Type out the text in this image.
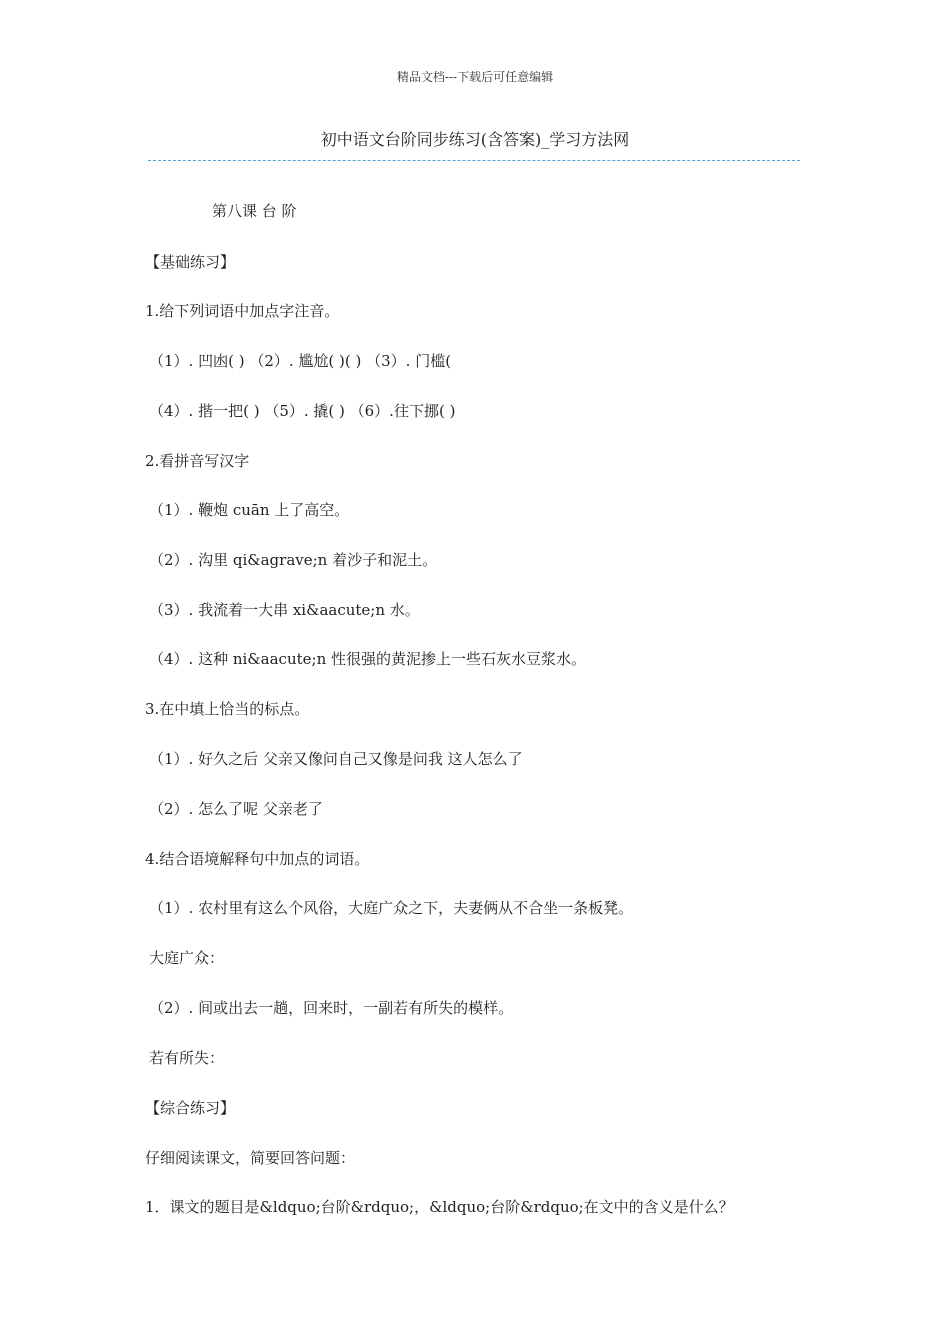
精品文档---下载后可任意编辑
初中语文台阶同步练习(含答案)_学习方法网
第八课 台 阶
【基础练习】
1.给下列词语中加点字注音。
（1）. 凹凼( ) （2）. 尴尬( )( ) （3）. 门槛(
（4）. 揩一把( ) （5）. 撬( ) （6）.往下挪( )
2.看拼音写汉字
（1）. 鞭炮 cuān 上了高空。
（2）. 沟里 qi&agrave;n 着沙子和泥土。
（3）. 我流着一大串 xi&aacute;n 水。
（4）. 这种 ni&aacute;n 性很强的黄泥掺上一些石灰水豆浆水。
3.在中填上恰当的标点。
（1）. 好久之后 父亲又像问自己又像是问我 这人怎么了
（2）. 怎么了呢 父亲老了
4.结合语境解释句中加点的词语。
（1）. 农村里有这么个风俗，大庭广众之下，夫妻俩从不合坐一条板凳。
大庭广众：
（2）. 间或出去一趟，回来时，一副若有所失的模样。
若有所失：
【综合练习】
仔细阅读课文，简要回答问题：
1．课文的题目是&ldquo;台阶&rdquo;，&ldquo;台阶&rdquo;在文中的含义是什么？
